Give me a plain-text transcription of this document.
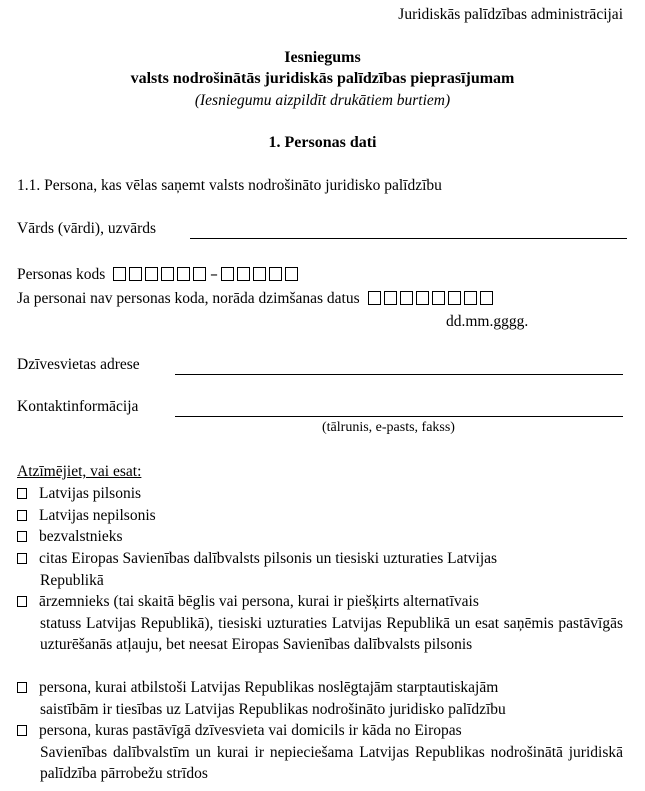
Juridiskās palīdzības administrācijai
Iesniegums
valsts nodrošinātās juridiskās palīdzības pieprasījumam
(Iesniegumu aizpildīt drukātiem burtiem)
1. Personas dati
1.1. Persona, kas vēlas saņemt valsts nodrošināto juridisko palīdzību
Vārds (vārdi), uzvārds
Personas kods	–
Ja personai nav personas koda, norāda dzimšanas datus
dd.mm.gggg.
Dzīvesvietas adrese
Kontaktinformācija
(tālrunis, e-pasts, fakss)
Atzīmējiet, vai esat:
Latvijas pilsonis
Latvijas nepilsonis
bezvalstnieks
citas Eiropas Savienības dalībvalsts pilsonis un tiesiski uzturaties Latvijas
Republikā
ārzemnieks (tai skaitā bēglis vai persona, kurai ir piešķirts alternatīvais
statuss Latvijas Republikā), tiesiski uzturaties Latvijas Republikā un esat saņēmis pastāvīgās uzturēšanās atļauju, bet neesat Eiropas Savienības dalībvalsts pilsonis
persona, kurai atbilstoši Latvijas Republikas noslēgtajām starptautiskajām
saistībām ir tiesības uz Latvijas Republikas nodrošināto juridisko palīdzību
persona, kuras pastāvīgā dzīvesvieta vai domicils ir kāda no Eiropas
Savienības dalībvalstīm un kurai ir nepieciešama Latvijas Republikas nodrošinātā juridiskā palīdzība pārrobežu strīdos
